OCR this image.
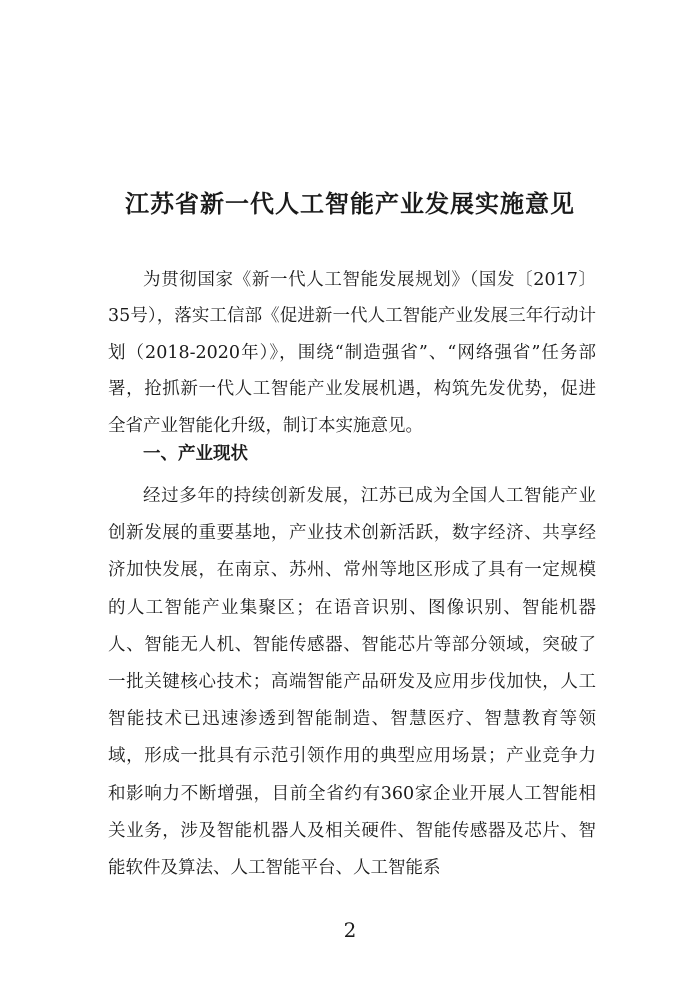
江苏省新一代人工智能产业发展实施意见

为贯彻国家《新一代人工智能发展规划》（国发〔2017〕35号），落实工信部《促进新一代人工智能产业发展三年行动计划（2018-2020年）》，围绕“制造强省”、“网络强省”任务部署，抢抓新一代人工智能产业发展机遇，构筑先发优势，促进全省产业智能化升级，制订本实施意见。

一、产业现状

经过多年的持续创新发展，江苏已成为全国人工智能产业创新发展的重要基地，产业技术创新活跃，数字经济、共享经济加快发展，在南京、苏州、常州等地区形成了具有一定规模的人工智能产业集聚区；在语音识别、图像识别、智能机器人、智能无人机、智能传感器、智能芯片等部分领域，突破了一批关键核心技术；高端智能产品研发及应用步伐加快，人工智能技术已迅速渗透到智能制造、智慧医疗、智慧教育等领域，形成一批具有示范引领作用的典型应用场景；产业竞争力和影响力不断增强，目前全省约有360家企业开展人工智能相关业务，涉及智能机器人及相关硬件、智能传感器及芯片、智能软件及算法、人工智能平台、人工智能系

2
